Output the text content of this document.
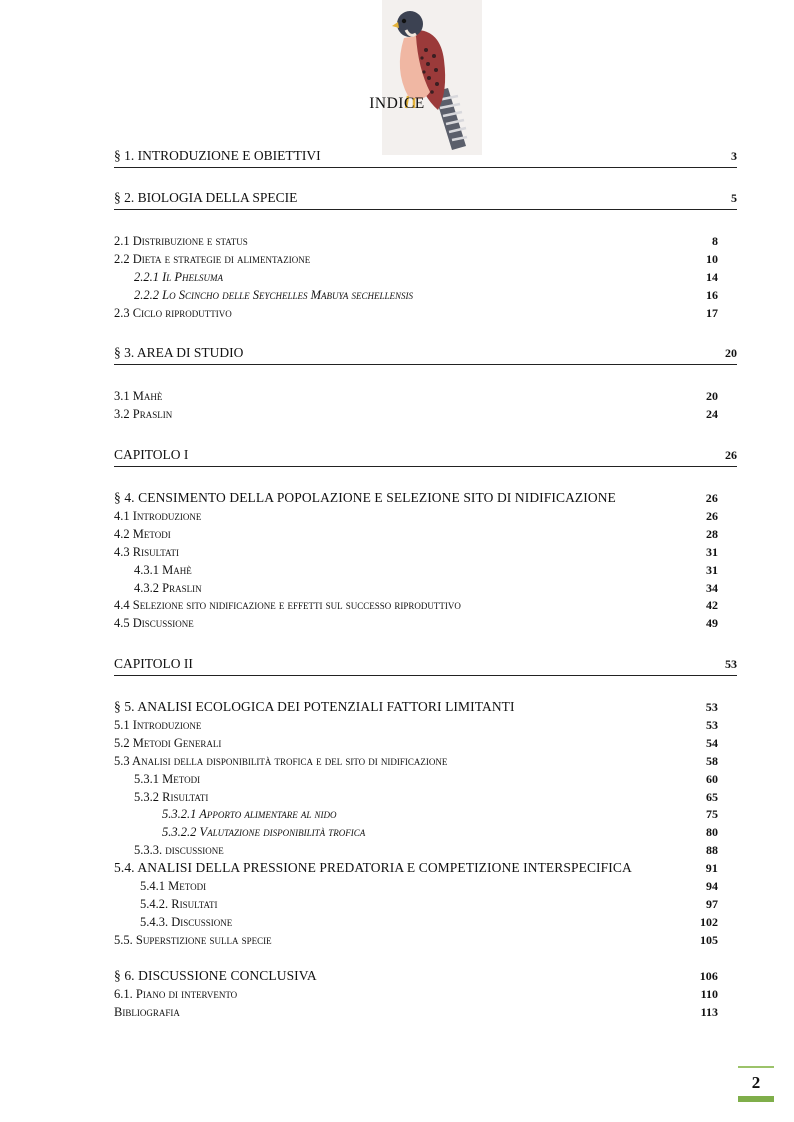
INDICE
§ 1. INTRODUZIONE E OBIETTIVI	3
§ 2. BIOLOGIA DELLA SPECIE	5
2.1 Distribuzione e status	8
2.2 Dieta e strategie di alimentazione	10
2.2.1 Il Phelsuma	14
2.2.2 Lo Scincho delle Seychelles Mabuya sechellensis	16
2.3 Ciclo riproduttivo	17
§ 3. AREA DI STUDIO	20
3.1 Mahè	20
3.2 Praslin	24
CAPITOLO I	26
§ 4. CENSIMENTO DELLA POPOLAZIONE E SELEZIONE SITO DI NIDIFICAZIONE	26
4.1 Introduzione	26
4.2 Metodi	28
4.3 Risultati	31
4.3.1 Mahè	31
4.3.2 Praslin	34
4.4 Selezione sito nidificazione e effetti sul successo riproduttivo	42
4.5 Discussione	49
CAPITOLO II	53
§ 5. ANALISI ECOLOGICA DEI POTENZIALI FATTORI LIMITANTI	53
5.1 Introduzione	53
5.2 Metodi Generali	54
5.3 Analisi della disponibilità trofica e del sito di nidificazione	58
5.3.1 Metodi	60
5.3.2 Risultati	65
5.3.2.1 Apporto alimentare al nido	75
5.3.2.2 Valutazione disponibilità trofica	80
5.3.3. discussione	88
5.4. ANALISI DELLA PRESSIONE PREDATORIA E COMPETIZIONE INTERSPECIFICA	91
5.4.1 Metodi	94
5.4.2. Risultati	97
5.4.3. Discussione	102
5.5. Superstizione sulla specie	105
§ 6. DISCUSSIONE CONCLUSIVA	106
6.1. Piano di intervento	110
Bibliografia	113
2
